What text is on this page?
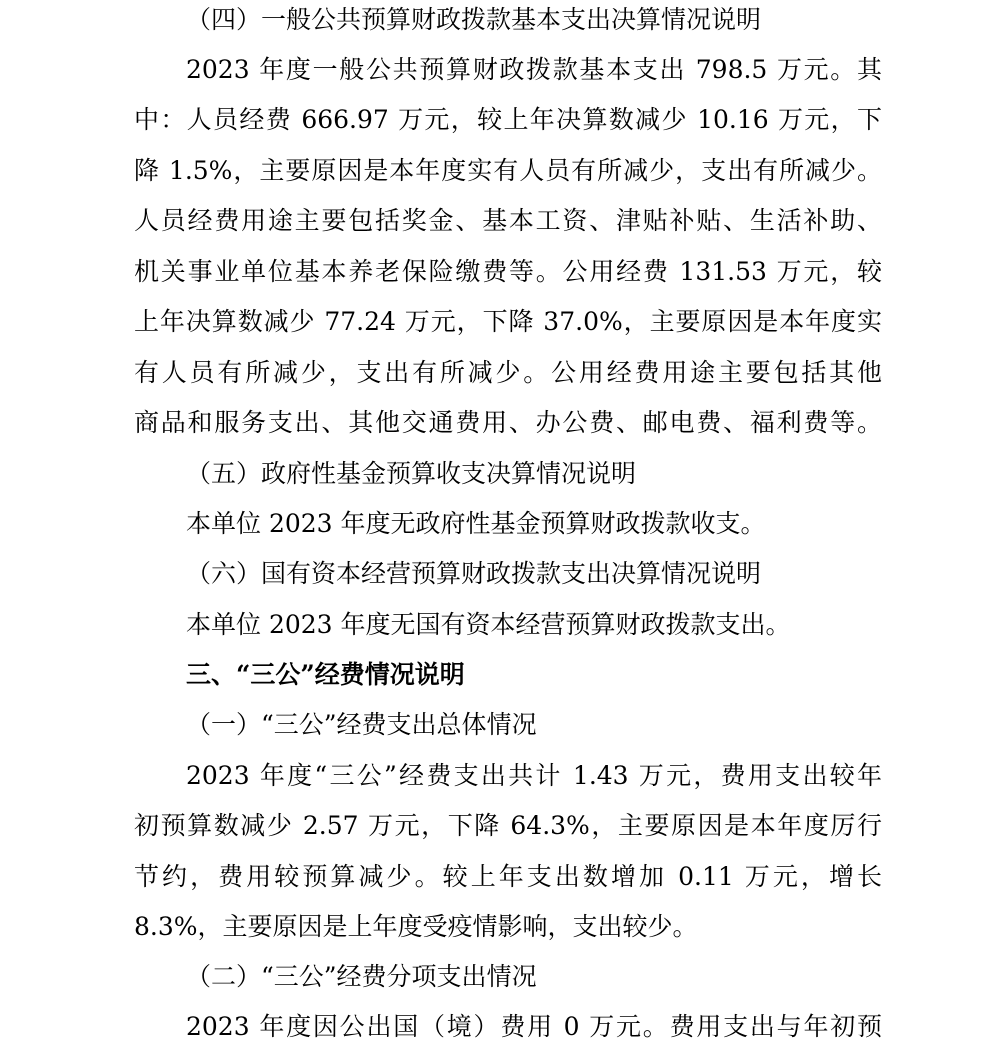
（四）一般公共预算财政拨款基本支出决算情况说明

2023 年度一般公共预算财政拨款基本支出 798.5 万元。其

中：人员经费 666.97 万元，较上年决算数减少 10.16 万元，下

降 1.5%，主要原因是本年度实有人员有所减少，支出有所减少。

人员经费用途主要包括奖金、基本工资、津贴补贴、生活补助、

机关事业单位基本养老保险缴费等。公用经费 131.53 万元，较

上年决算数减少 77.24 万元，下降 37.0%，主要原因是本年度实

有人员有所减少，支出有所减少。公用经费用途主要包括其他

商品和服务支出、其他交通费用、办公费、邮电费、福利费等。

（五）政府性基金预算收支决算情况说明

本单位 2023 年度无政府性基金预算财政拨款收支。

（六）国有资本经营预算财政拨款支出决算情况说明

本单位 2023 年度无国有资本经营预算财政拨款支出。

三、“三公”经费情况说明

（一）“三公”经费支出总体情况

2023 年度“三公”经费支出共计 1.43 万元，费用支出较年

初预算数减少 2.57 万元，下降 64.3%，主要原因是本年度厉行

节约，费用较预算减少。较上年支出数增加 0.11 万元，增长

8.3%，主要原因是上年度受疫情影响，支出较少。

（二）“三公”经费分项支出情况

2023 年度因公出国（境）费用 0 万元。费用支出与年初预
